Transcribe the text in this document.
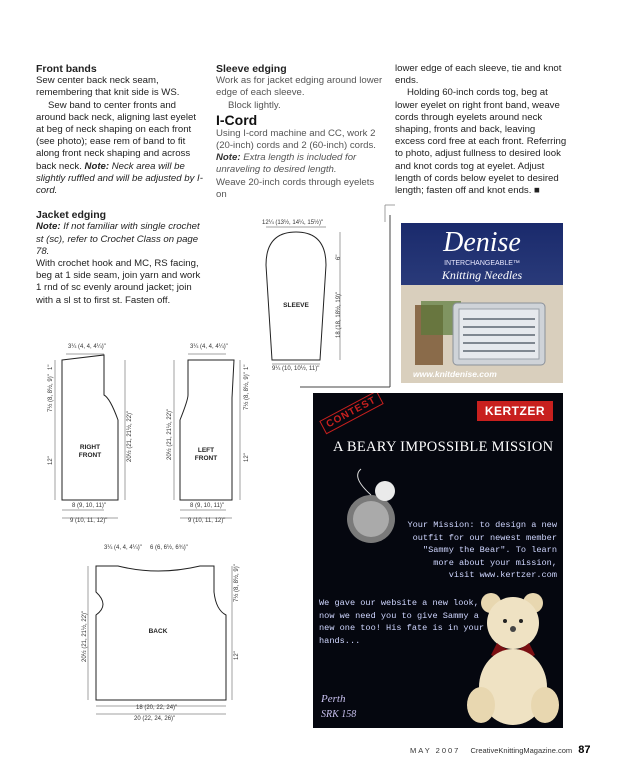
Front bands

Sew center back neck seam, remembering that knit side is WS.

Sew band to center fronts and around back neck, aligning last eyelet at beg of neck shaping on each front (see photo); ease rem of band to fit along front neck shaping and across back neck. Note: Neck area will be slightly ruffled and will be adjusted by I-cord.

Jacket edging

Note: If not familiar with single crochet st (sc), refer to Crochet Class on page 78.

With crochet hook and MC, RS facing, beg at 1 side seam, join yarn and work 1 rnd of sc evenly around jacket; join with a sl st to first st. Fasten off.

Sleeve edging

Work as for jacket edging around lower edge of each sleeve.

Block lightly.

I-Cord

Using I-cord machine and CC, work 2 (20-inch) cords and 2 (60-inch) cords.

Note: Extra length is included for unraveling to desired length.

Weave 20-inch cords through eyelets on

lower edge of each sleeve, tie and knot ends.

Holding 60-inch cords tog, beg at lower eyelet on right front band, weave cords through eyelets around neck shaping, fronts and back, leaving excess cord free at each front. Referring to photo, adjust fullness to desired look and knot cords tog at eyelet. Adjust length of cords below eyelet to desired length; fasten off and knot ends. ■

12¼ (13½, 14¼, 15½)"
SLEEVE
9¼ (10, 10½, 11)"
6"
18 (18, 18½, 19)"
3¼ (4, 4, 4¼)"
RIGHT
FRONT
8 (9, 10, 11)"
9 (10, 11, 12)"
7½ (8, 8½, 9)"
12"
1"
20½ (21, 21½, 22)"
3¼ (4, 4, 4¼)"
LEFT
FRONT
8 (9, 10, 11)"
9 (10, 11, 12)"
20½ (21, 21½, 22)"
7½ (8, 8½, 9)"
12"
1"
3¼ (4, 4, 4¼)" 6 (6, 6½, 6¾)"
BACK
18 (20, 22, 24)"
20 (22, 24, 26)"
20½ (21, 21½, 22)"
7½ (8, 8½, 9)"
12"
Denise
INTERCHANGEABLE™
Knitting Needles
www.knitdenise.com
KERTZER
CONTEST
A BEARY IMPOSSIBLE MISSION
Your Mission: to design a new outfit for our newest member "Sammy the Bear". To learn more about your mission, visit www.kertzer.com
We gave our website a new look, now we need you to give Sammy a new one too! His fate is in your hands...
Perth
SRK 158
MAY 2007 CreativeKnittingMagazine.com 87
